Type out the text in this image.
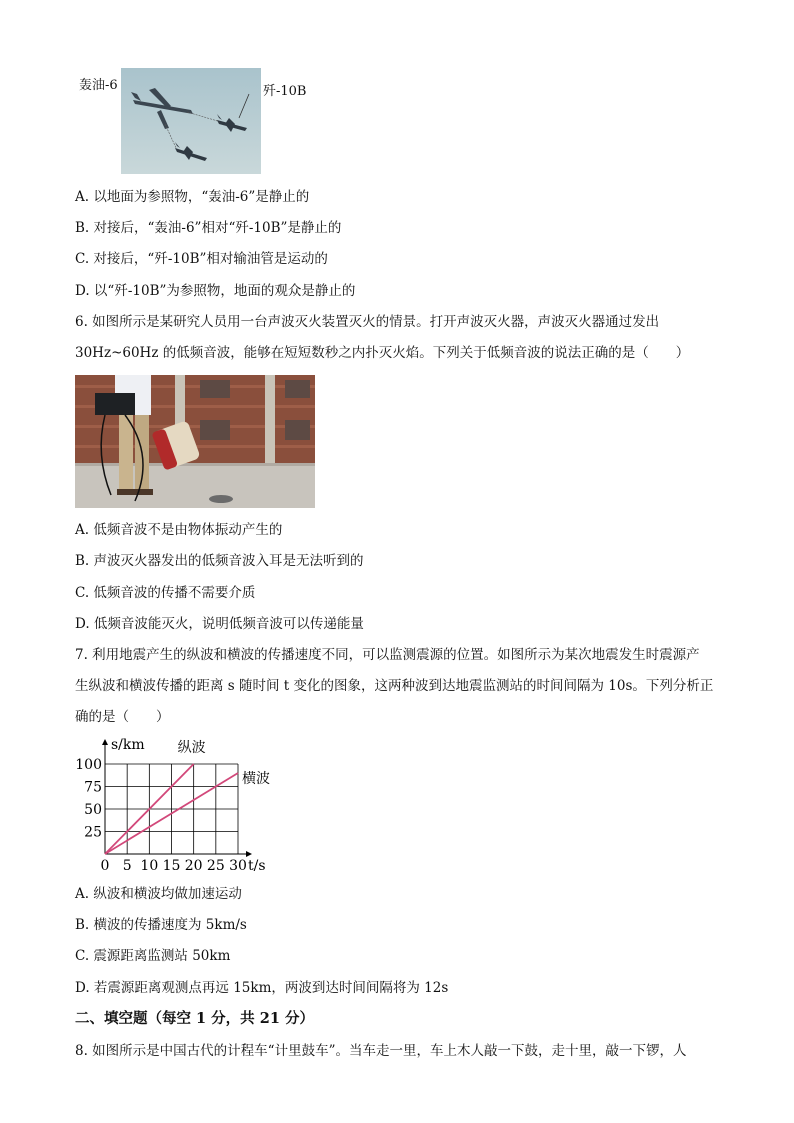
轰油-6	歼-10B
A. 以地面为参照物，“轰油-6”是静止的
B. 对接后，“轰油-6”相对“歼-10B”是静止的
C. 对接后，“歼-10B”相对输油管是运动的
D. 以“歼-10B”为参照物，地面的观众是静止的
6. 如图所示是某研究人员用一台声波灭火装置灭火的情景。打开声波灭火器，声波灭火器通过发出
30Hz~60Hz 的低频音波，能够在短短数秒之内扑灭火焰。下列关于低频音波的说法正确的是（　　）
A. 低频音波不是由物体振动产生的
B. 声波灭火器发出的低频音波入耳是无法听到的
C. 低频音波的传播不需要介质
D. 低频音波能灭火，说明低频音波可以传递能量
7. 利用地震产生的纵波和横波的传播速度不同，可以监测震源的位置。如图所示为某次地震发生时震源产
生纵波和横波传播的距离 s 随时间 t 变化的图象，这两种波到达地震监测站的时间间隔为 10s。下列分析正
确的是（　　）
0 5 10 15 20 25 30
25
50
75
100
s/km
t/s
纵波
横波
A. 纵波和横波均做加速运动
B. 横波的传播速度为 5km/s
C. 震源距离监测站 50km
D. 若震源距离观测点再远 15km，两波到达时间间隔将为 12s
二、填空题（每空 1 分，共 21 分）
8. 如图所示是中国古代的计程车“计里鼓车”。当车走一里，车上木人敲一下鼓，走十里，敲一下锣，人
